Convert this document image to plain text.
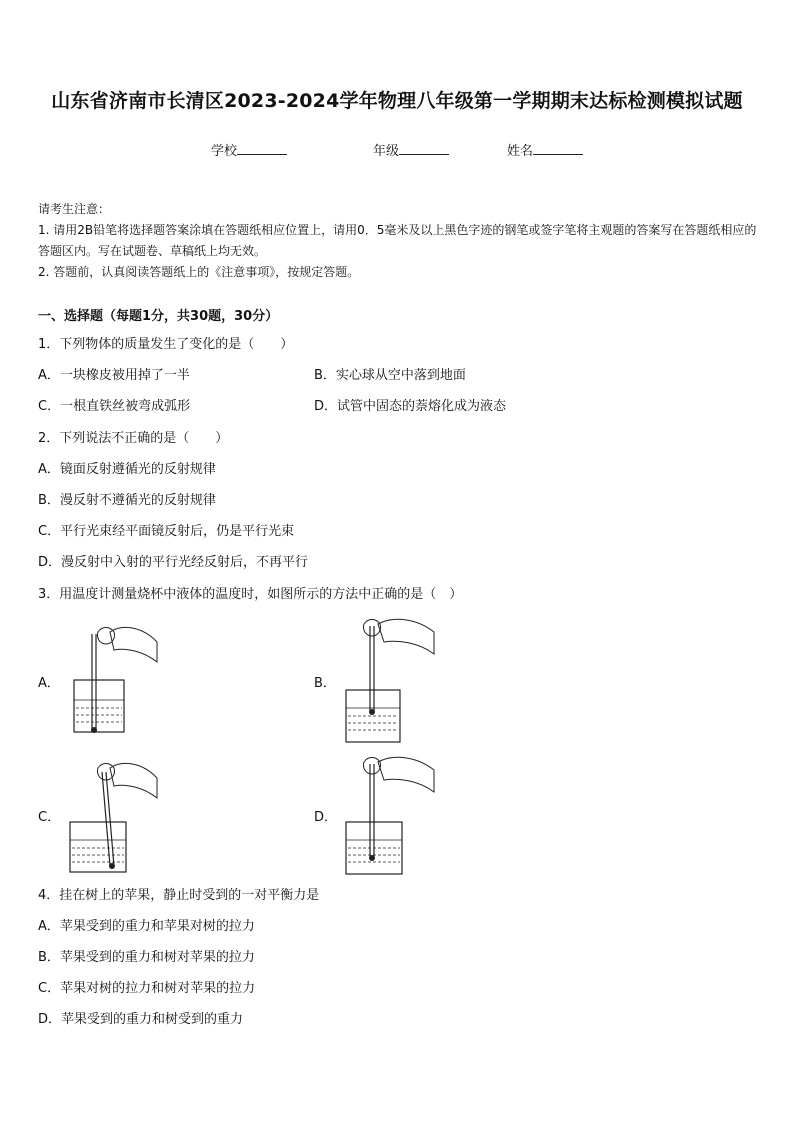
山东省济南市长清区2023-2024学年物理八年级第一学期期末达标检测模拟试题
学校	年级	姓名
请考生注意：
1. 请用2B铅笔将选择题答案涂填在答题纸相应位置上，请用0．5毫米及以上黑色字迹的钢笔或签字笔将主观题的答案写在答题纸相应的答题区内。写在试题卷、草稿纸上均无效。
2. 答题前，认真阅读答题纸上的《注意事项》，按规定答题。
一、选择题（每题1分，共30题，30分）
1．下列物体的质量发生了变化的是（　　）
A．一块橡皮被用掉了一半	B．实心球从空中落到地面
C．一根直铁丝被弯成弧形	D．试管中固态的萘熔化成为液态
2．下列说法不正确的是（　　）
A．镜面反射遵循光的反射规律
B．漫反射不遵循光的反射规律
C．平行光束经平面镜反射后，仍是平行光束
D．漫反射中入射的平行光经反射后，不再平行
3．用温度计测量烧杯中液体的温度时，如图所示的方法中正确的是（　）
A．	B．
C．	D．
4．挂在树上的苹果，静止时受到的一对平衡力是
A．苹果受到的重力和苹果对树的拉力
B．苹果受到的重力和树对苹果的拉力
C．苹果对树的拉力和树对苹果的拉力
D．苹果受到的重力和树受到的重力
